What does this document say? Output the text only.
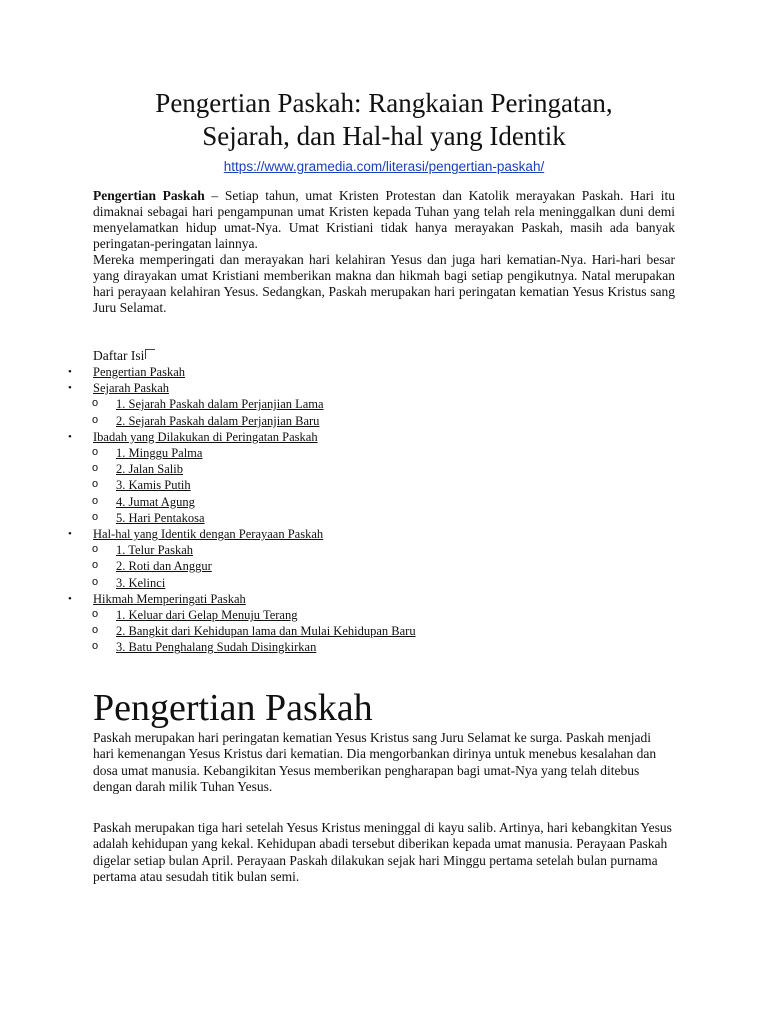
Pengertian Paskah: Rangkaian Peringatan,
Sejarah, dan Hal-hal yang Identik
https://www.gramedia.com/literasi/pengertian-paskah/

Pengertian Paskah – Setiap tahun, umat Kristen Protestan dan Katolik merayakan Paskah. Hari itu dimaknai sebagai hari pengampunan umat Kristen kepada Tuhan yang telah rela meninggalkan duni demi menyelamatkan hidup umat-Nya. Umat Kristiani tidak hanya merayakan Paskah, masih ada banyak peringatan-peringatan lainnya.

Mereka memperingati dan merayakan hari kelahiran Yesus dan juga hari kematian-Nya. Hari-hari besar yang dirayakan umat Kristiani memberikan makna dan hikmah bagi setiap pengikutnya. Natal merupakan hari perayaan kelahiran Yesus. Sedangkan, Paskah merupakan hari peringatan kematian Yesus Kristus sang Juru Selamat.

Daftar Isi
• Pengertian Paskah
• Sejarah Paskah
o 1. Sejarah Paskah dalam Perjanjian Lama
o 2. Sejarah Paskah dalam Perjanjian Baru
• Ibadah yang Dilakukan di Peringatan Paskah
o 1. Minggu Palma
o 2. Jalan Salib
o 3. Kamis Putih
o 4. Jumat Agung
o 5. Hari Pentakosa
• Hal-hal yang Identik dengan Perayaan Paskah
o 1. Telur Paskah
o 2. Roti dan Anggur
o 3. Kelinci
• Hikmah Memperingati Paskah
o 1. Keluar dari Gelap Menuju Terang
o 2. Bangkit dari Kehidupan lama dan Mulai Kehidupan Baru
o 3. Batu Penghalang Sudah Disingkirkan
Pengertian Paskah

Paskah merupakan hari peringatan kematian Yesus Kristus sang Juru Selamat ke surga. Paskah menjadi hari kemenangan Yesus Kristus dari kematian. Dia mengorbankan dirinya untuk menebus kesalahan dan dosa umat manusia. Kebangikitan Yesus memberikan pengharapan bagi umat-Nya yang telah ditebus dengan darah milik Tuhan Yesus.

Paskah merupakan tiga hari setelah Yesus Kristus meninggal di kayu salib. Artinya, hari kebangkitan Yesus adalah kehidupan yang kekal. Kehidupan abadi tersebut diberikan kepada umat manusia. Perayaan Paskah digelar setiap bulan April. Perayaan Paskah dilakukan sejak hari Minggu pertama setelah bulan purnama pertama atau sesudah titik bulan semi.
